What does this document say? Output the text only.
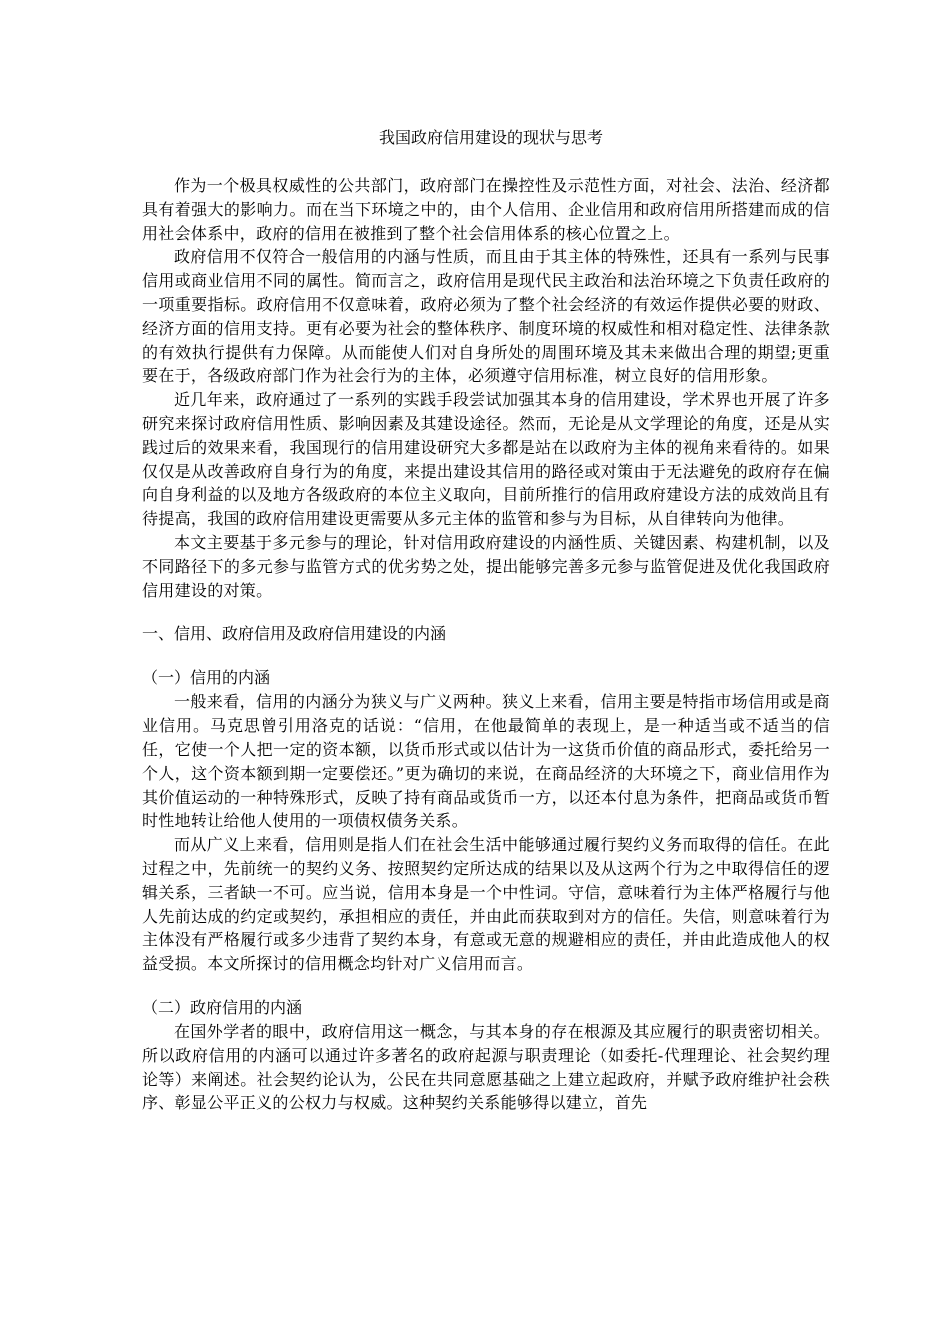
我国政府信用建设的现状与思考

作为一个极具权威性的公共部门，政府部门在操控性及示范性方面，对社会、法治、经济都具有着强大的影响力。而在当下环境之中的，由个人信用、企业信用和政府信用所搭建而成的信用社会体系中，政府的信用在被推到了整个社会信用体系的核心位置之上。

政府信用不仅符合一般信用的内涵与性质，而且由于其主体的特殊性，还具有一系列与民事信用或商业信用不同的属性。简而言之，政府信用是现代民主政治和法治环境之下负责任政府的一项重要指标。政府信用不仅意味着，政府必须为了整个社会经济的有效运作提供必要的财政、经济方面的信用支持。更有必要为社会的整体秩序、制度环境的权威性和相对稳定性、法律条款的有效执行提供有力保障。从而能使人们对自身所处的周围环境及其未来做出合理的期望;更重要在于，各级政府部门作为社会行为的主体，必须遵守信用标准，树立良好的信用形象。

近几年来，政府通过了一系列的实践手段尝试加强其本身的信用建设，学术界也开展了许多研究来探讨政府信用性质、影响因素及其建设途径。然而，无论是从文学理论的角度，还是从实践过后的效果来看，我国现行的信用建设研究大多都是站在以政府为主体的视角来看待的。如果仅仅是从改善政府自身行为的角度，来提出建设其信用的路径或对策由于无法避免的政府存在偏向自身利益的以及地方各级政府的本位主义取向，目前所推行的信用政府建设方法的成效尚且有待提高，我国的政府信用建设更需要从多元主体的监管和参与为目标，从自律转向为他律。

本文主要基于多元参与的理论，针对信用政府建设的内涵性质、关键因素、构建机制，以及不同路径下的多元参与监管方式的优劣势之处，提出能够完善多元参与监管促进及优化我国政府信用建设的对策。

一、信用、政府信用及政府信用建设的内涵
（一）信用的内涵

一般来看，信用的内涵分为狭义与广义两种。狭义上来看，信用主要是特指市场信用或是商业信用。马克思曾引用洛克的话说：“信用，在他最简单的表现上，是一种适当或不适当的信任，它使一个人把一定的资本额，以货币形式或以估计为一这货币价值的商品形式，委托给另一个人，这个资本额到期一定要偿还。”更为确切的来说，在商品经济的大环境之下，商业信用作为其价值运动的一种特殊形式，反映了持有商品或货币一方，以还本付息为条件，把商品或货币暂时性地转让给他人使用的一项债权债务关系。

而从广义上来看，信用则是指人们在社会生活中能够通过履行契约义务而取得的信任。在此过程之中，先前统一的契约义务、按照契约定所达成的结果以及从这两个行为之中取得信任的逻辑关系，三者缺一不可。应当说，信用本身是一个中性词。守信，意味着行为主体严格履行与他人先前达成的约定或契约，承担相应的责任，并由此而获取到对方的信任。失信，则意味着行为主体没有严格履行或多少违背了契约本身，有意或无意的规避相应的责任，并由此造成他人的权益受损。本文所探讨的信用概念均针对广义信用而言。

（二）政府信用的内涵

在国外学者的眼中，政府信用这一概念，与其本身的存在根源及其应履行的职责密切相关。所以政府信用的内涵可以通过许多著名的政府起源与职责理论（如委托-代理理论、社会契约理论等）来阐述。社会契约论认为，公民在共同意愿基础之上建立起政府，并赋予政府维护社会秩序、彰显公平正义的公权力与权威。这种契约关系能够得以建立，首先
